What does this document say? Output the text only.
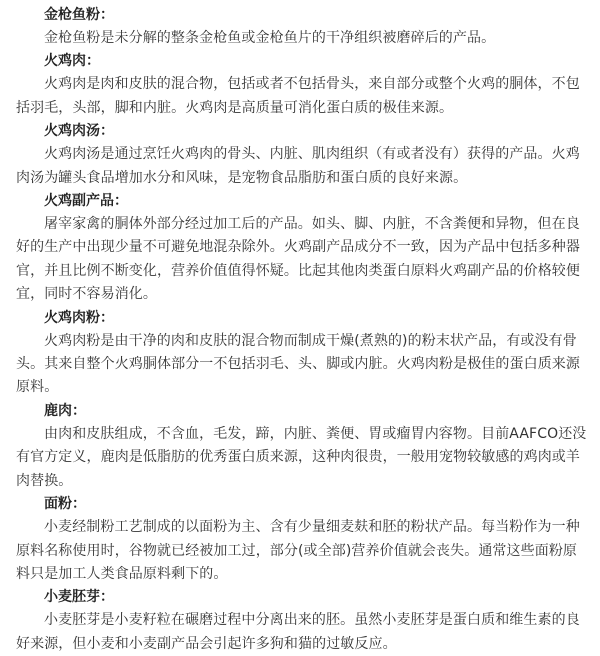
金枪鱼粉：

金枪鱼粉是未分解的整条金枪鱼或金枪鱼片的干净组织被磨碎后的产品。

火鸡肉：

火鸡肉是肉和皮肤的混合物，包括或者不包括骨头，来自部分或整个火鸡的胴体，不包括羽毛，头部，脚和内脏。火鸡肉是高质量可消化蛋白质的极佳来源。

火鸡肉汤：

火鸡肉汤是通过烹饪火鸡肉的骨头、内脏、肌肉组织（有或者没有）获得的产品。火鸡肉汤为罐头食品增加水分和风味，是宠物食品脂肪和蛋白质的良好来源。

火鸡副产品：

屠宰家禽的胴体外部分经过加工后的产品。如头、脚、内脏，不含粪便和异物，但在良好的生产中出现少量不可避免地混杂除外。火鸡副产品成分不一致，因为产品中包括多种器官，并且比例不断变化，营养价值值得怀疑。比起其他肉类蛋白原料火鸡副产品的价格较便宜，同时不容易消化。

火鸡肉粉：

火鸡肉粉是由干净的肉和皮肤的混合物而制成干燥(煮熟的)的粉末状产品，有或没有骨头。其来自整个火鸡胴体部分一不包括羽毛、头、脚或内脏。火鸡肉粉是极佳的蛋白质来源原料。

鹿肉：

由肉和皮肤组成，不含血，毛发，蹄，内脏、粪便、胃或瘤胃内容物。目前AAFCO还没有官方定义，鹿肉是低脂肪的优秀蛋白质来源，这种肉很贵，一般用宠物较敏感的鸡肉或羊肉替换。

面粉：

小麦经制粉工艺制成的以面粉为主、含有少量细麦麸和胚的粉状产品。每当粉作为一种原料名称使用时，谷物就已经被加工过，部分(或全部)营养价值就会丧失。通常这些面粉原料只是加工人类食品原料剩下的。

小麦胚芽：

小麦胚芽是小麦籽粒在碾磨过程中分离出来的胚。虽然小麦胚芽是蛋白质和维生素的良好来源，但小麦和小麦副产品会引起许多狗和猫的过敏反应。
